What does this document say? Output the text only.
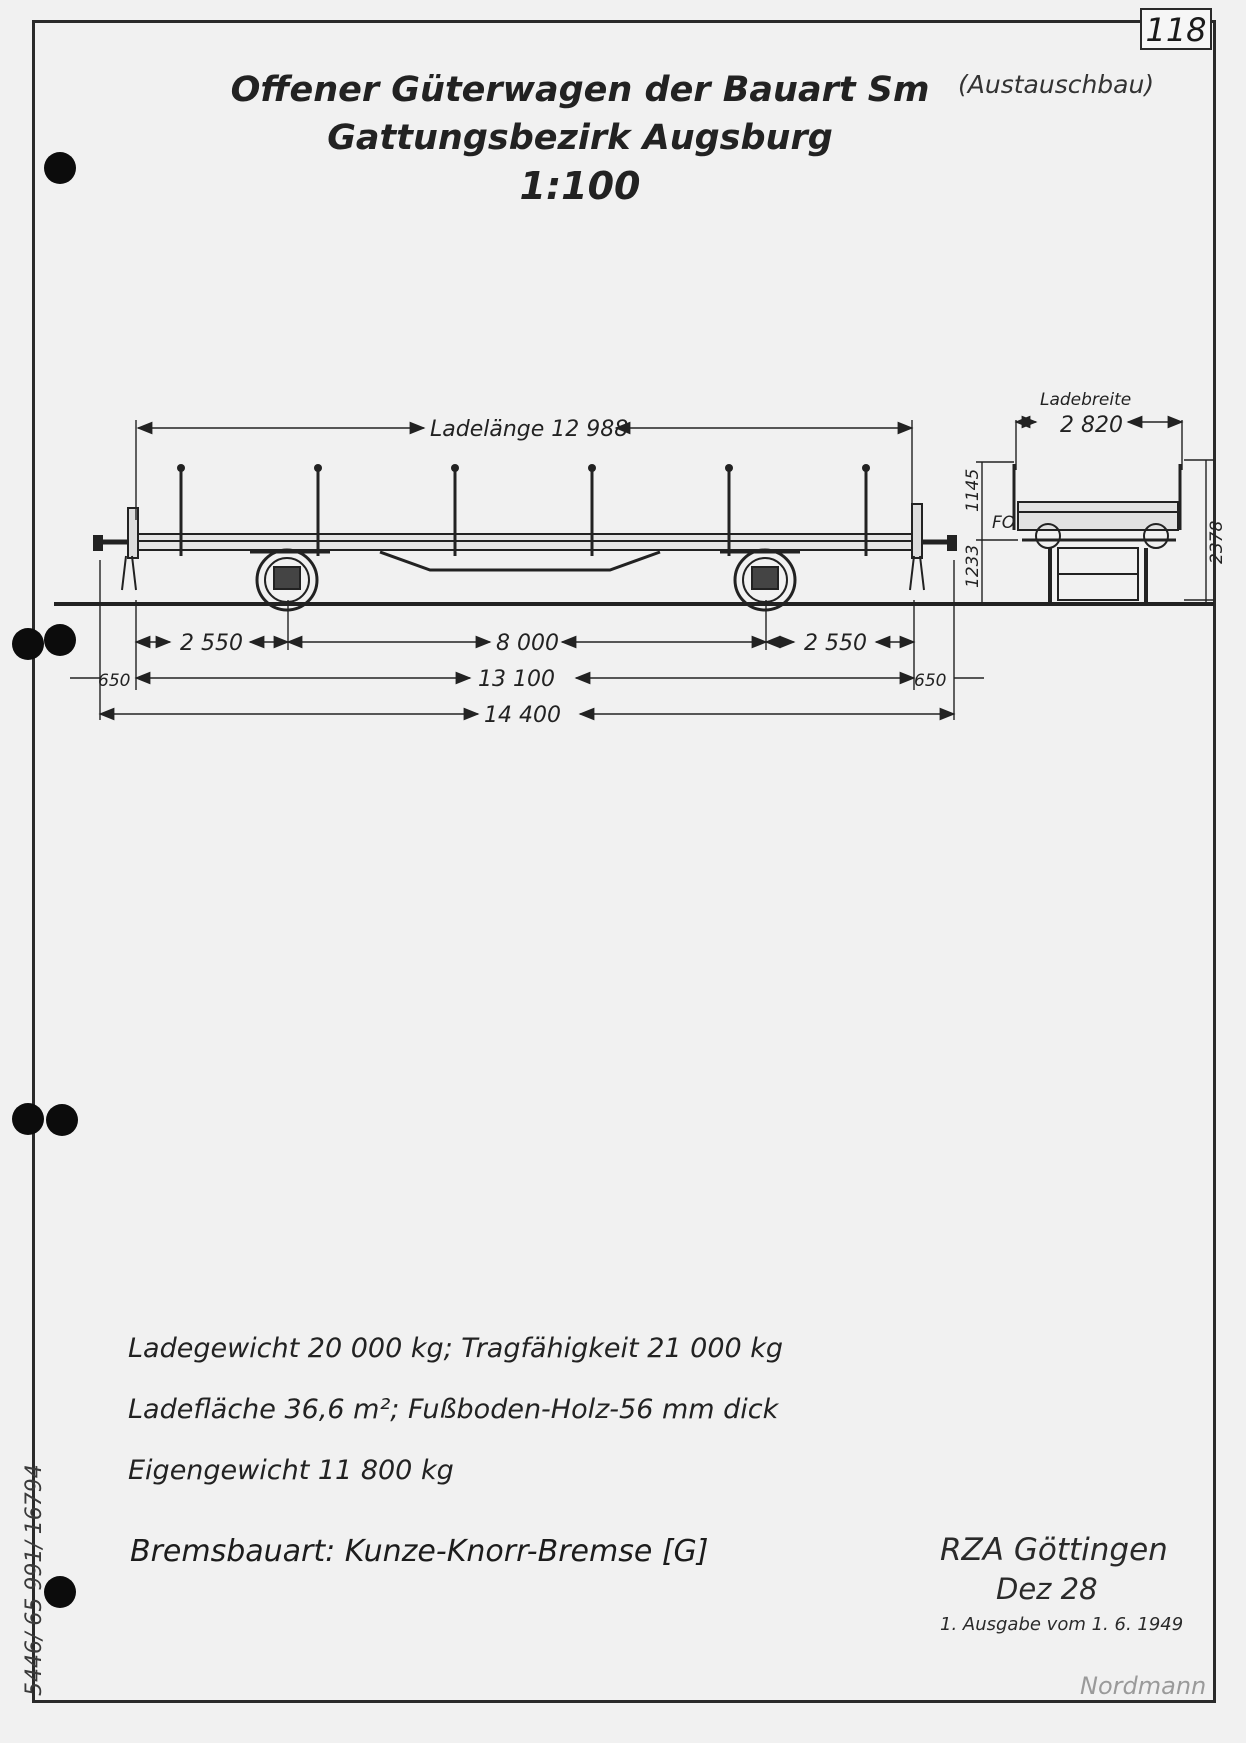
118
Offener Güterwagen der Bauart Sm
Gattungsbezirk Augsburg
1:100
(Austauschbau)
Ladelänge 12 988
Ladebreite
2 820
2 550	8 000	2 550
650	13 100	650
14 400
FO
1145
1233
2378
Ladegewicht 20 000 kg; Tragfähigkeit 21 000 kg
Ladefläche 36,6 m²; Fußboden-Holz-56 mm dick
Eigengewicht 11 800 kg
Bremsbauart: Kunze-Knorr-Bremse [G]	RZA Göttingen
Dez 28
1. Ausgabe vom 1. 6. 1949
Nordmann
5446/ 65 991/ 16794
